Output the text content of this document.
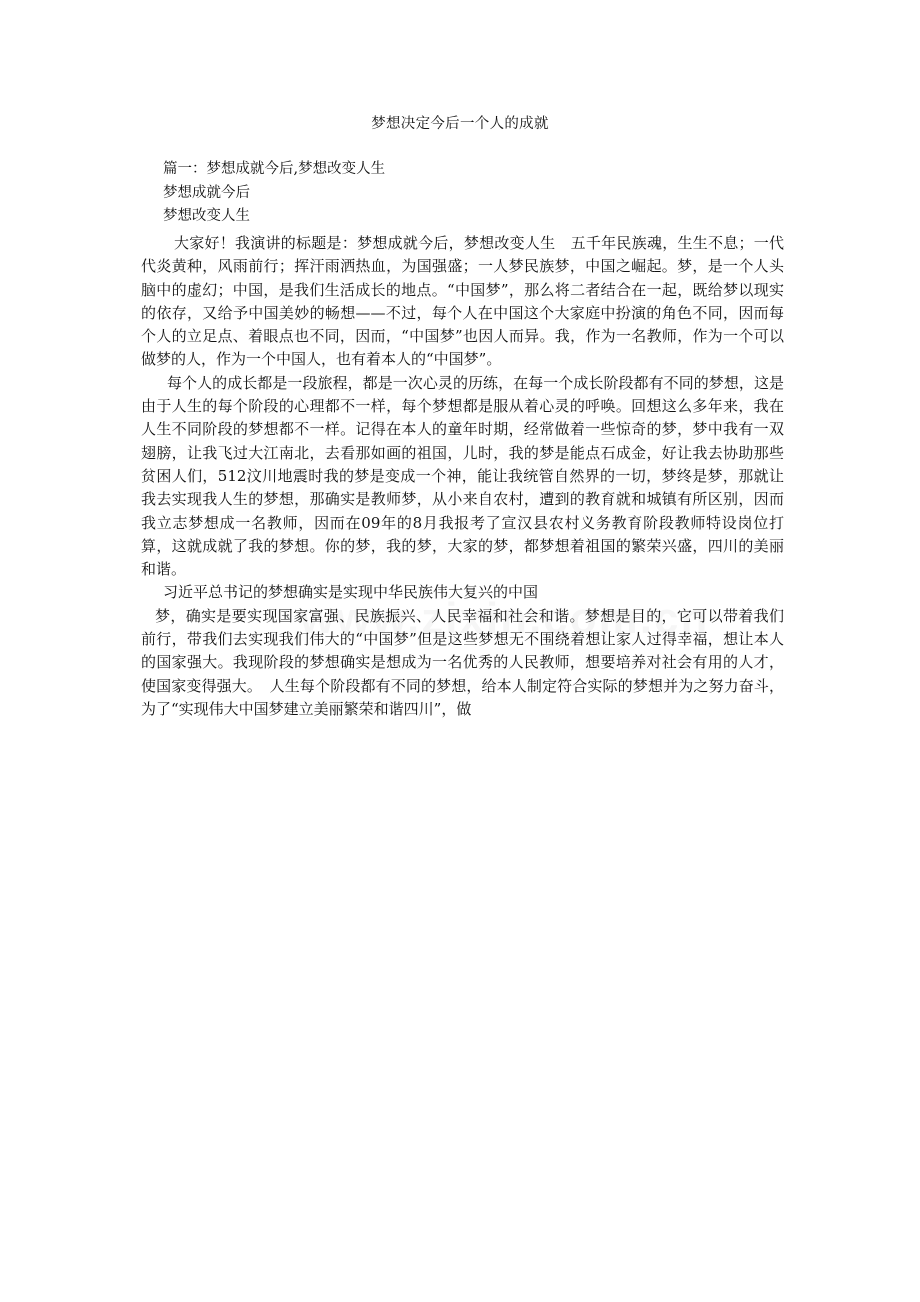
梦想决定今后一个人的成就
篇一：梦想成就今后,梦想改变人生
梦想成就今后
梦想改变人生

大家好！我演讲的标题是：梦想成就今后，梦想改变人生　五千年民族魂，生生不息；一代代炎黄种，风雨前行；挥汗雨洒热血，为国强盛；一人梦民族梦，中国之崛起。梦，是一个人头脑中的虚幻；中国，是我们生活成长的地点。“中国梦”，那么将二者结合在一起，既给梦以现实的依存，又给予中国美妙的畅想——不过，每个人在中国这个大家庭中扮演的角色不同，因而每个人的立足点、着眼点也不同，因而，“中国梦”也因人而异。我，作为一名教师，作为一个可以做梦的人，作为一个中国人，也有着本人的“中国梦”。

每个人的成长都是一段旅程，都是一次心灵的历练，在每一个成长阶段都有不同的梦想，这是由于人生的每个阶段的心理都不一样，每个梦想都是服从着心灵的呼唤。回想这么多年来，我在人生不同阶段的梦想都不一样。记得在本人的童年时期，经常做着一些惊奇的梦，梦中我有一双翅膀，让我飞过大江南北，去看那如画的祖国，儿时，我的梦是能点石成金，好让我去协助那些贫困人们，512汶川地震时我的梦是变成一个神，能让我统管自然界的一切，梦终是梦，那就让我去实现我人生的梦想，那确实是教师梦，从小来自农村，遭到的教育就和城镇有所区别，因而我立志梦想成一名教师，因而在09年的8月我报考了宣汉县农村义务教育阶段教师特设岗位打算，这就成就了我的梦想。你的梦，我的梦，大家的梦，都梦想着祖国的繁荣兴盛，四川的美丽和谐。

习近平总书记的梦想确实是实现中华民族伟大复兴的中国

梦，确实是要实现国家富强、民族振兴、人民幸福和社会和谐。梦想是目的，它可以带着我们前行，带我们去实现我们伟大的“中国梦”但是这些梦想无不围绕着想让家人过得幸福，想让本人的国家强大。我现阶段的梦想确实是想成为一名优秀的人民教师，想要培养对社会有用的人才，使国家变得强大。　人生每个阶段都有不同的梦想，给本人制定符合实际的梦想并为之努力奋斗，为了“实现伟大中国梦建立美丽繁荣和谐四川”，做
